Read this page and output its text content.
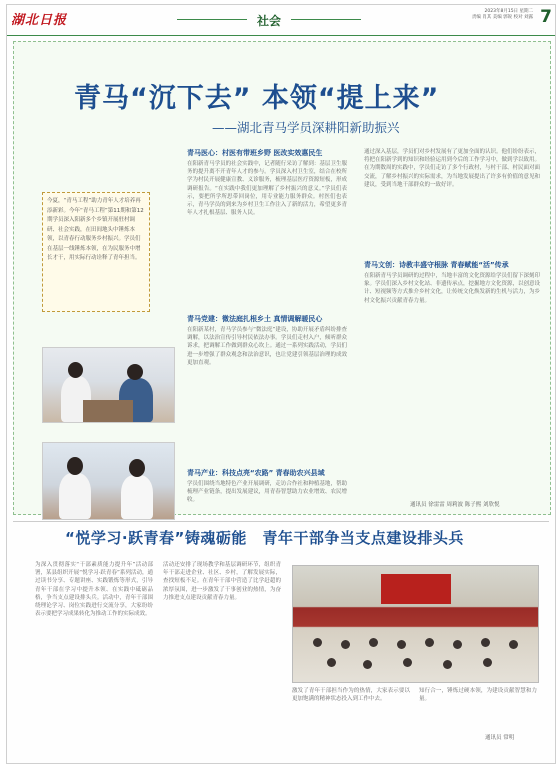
湖北日报	社会
2023年8月15日 星期二
责编 肖其 美编 郭锐 校对 刘露 7
青马“沉下去” 本领“提上来”
——湖北青马学员深耕阳新助振兴
今夏，“青马工程”助力青年人才培养再添新彩。今年“青马工程”第11期和第12期学员深入阳新多个乡镇开展驻村调研、社会实践，在田间地头中锤炼本领，以青春行动服务乡村振兴。学员们在基层一线锤炼本领，在为民服务中增长才干，用实际行动诠释了青年担当。
青马医心：村医有带班乡野 医改实效惠民生
在阳新青马学员的社会实践中，记者随行采访了解到：基层卫生服务的提升离不开青年人才的参与。学员深入村卫生室，结合在校所学为村民开展健康宣教、义诊服务，梳理基层医疗资源短板，形成调研报告。“在实践中我们更加理解了乡村振兴的意义。”学员们表示，要把所学所思带回岗位，用专业能力服务群众。村医们也表示，青马学员的到来为乡村卫生工作注入了新的活力，希望更多青年人才扎根基层、服务人民。
青马党建：微法庭扎根乡土 真情调解暖民心
在阳新某村，青马学员参与“微法庭”建设，协助开展矛盾纠纷排查调解，以法治宣传引导村民依法办事。学员们走村入户，倾听群众诉求，把调解工作做到群众心坎上。通过一系列实践活动，学员们进一步增强了群众观念和法治意识，也让党建引领基层治理的成效更加直观。
青马产业：科技点亮“农路” 青春助农兴县域
学员们围绕当地特色产业开展调研，走访合作社和种植基地，帮助梳理产业链条，提出发展建议，用青春智慧助力农业增效、农民增收。
通过深入基层，学员们对乡村发展有了更加全面的认识。他们纷纷表示，将把在阳新学到的知识和经验运用到今后的工作学习中，做到学以致用。在为期数周的实践中，学员们走访了多个行政村，与村干部、村民面对面交流，了解乡村振兴的实际需求，为当地发展提出了许多有价值的意见和建议，受到当地干部群众的一致好评。
青马文创：诗教丰盛守根脉 青春赋能“活”传承
在阳新青马学员调研的过程中，当地丰富的文化资源给学员们留下深刻印象。学员们深入乡村文化站、非遗传承点，挖掘地方文化资源，以创意设计、短视频等方式推介乡村文化，让传统文化焕发新的生机与活力，为乡村文化振兴贡献青春力量。
通讯员 徐雷雷 周莉波 陈子熙 刘欣悦
“悦学习·跃青春”铸魂砺能　青年干部争当支点建设排头兵
为深入贯彻落实“干部素质能力提升年”活动部署，某县组织开展“悦学习·跃青春”系列活动，通过读书分享、专题讲座、实践锻炼等形式，引导青年干部在学习中提升本领、在实践中砥砺品格，争当支点建设排头兵。活动中，青年干部围绕理论学习、岗位实践进行交流分享，大家纷纷表示要把学习成果转化为推动工作的实际成效。
活动还安排了现场教学和基层调研环节，组织青年干部走进企业、社区、乡村，了解发展实际，查找短板不足。在青年干部中营造了比学赶超的浓厚氛围，进一步激发了干事创业的热情，为奋力推进支点建设贡献青春力量。
激发了青年干部担当作为的热情，大家表示要以更加饱满的精神状态投入到工作中去。
知行合一，锤炼过硬本领，为建设贡献智慧和力量。
通讯员 常明
